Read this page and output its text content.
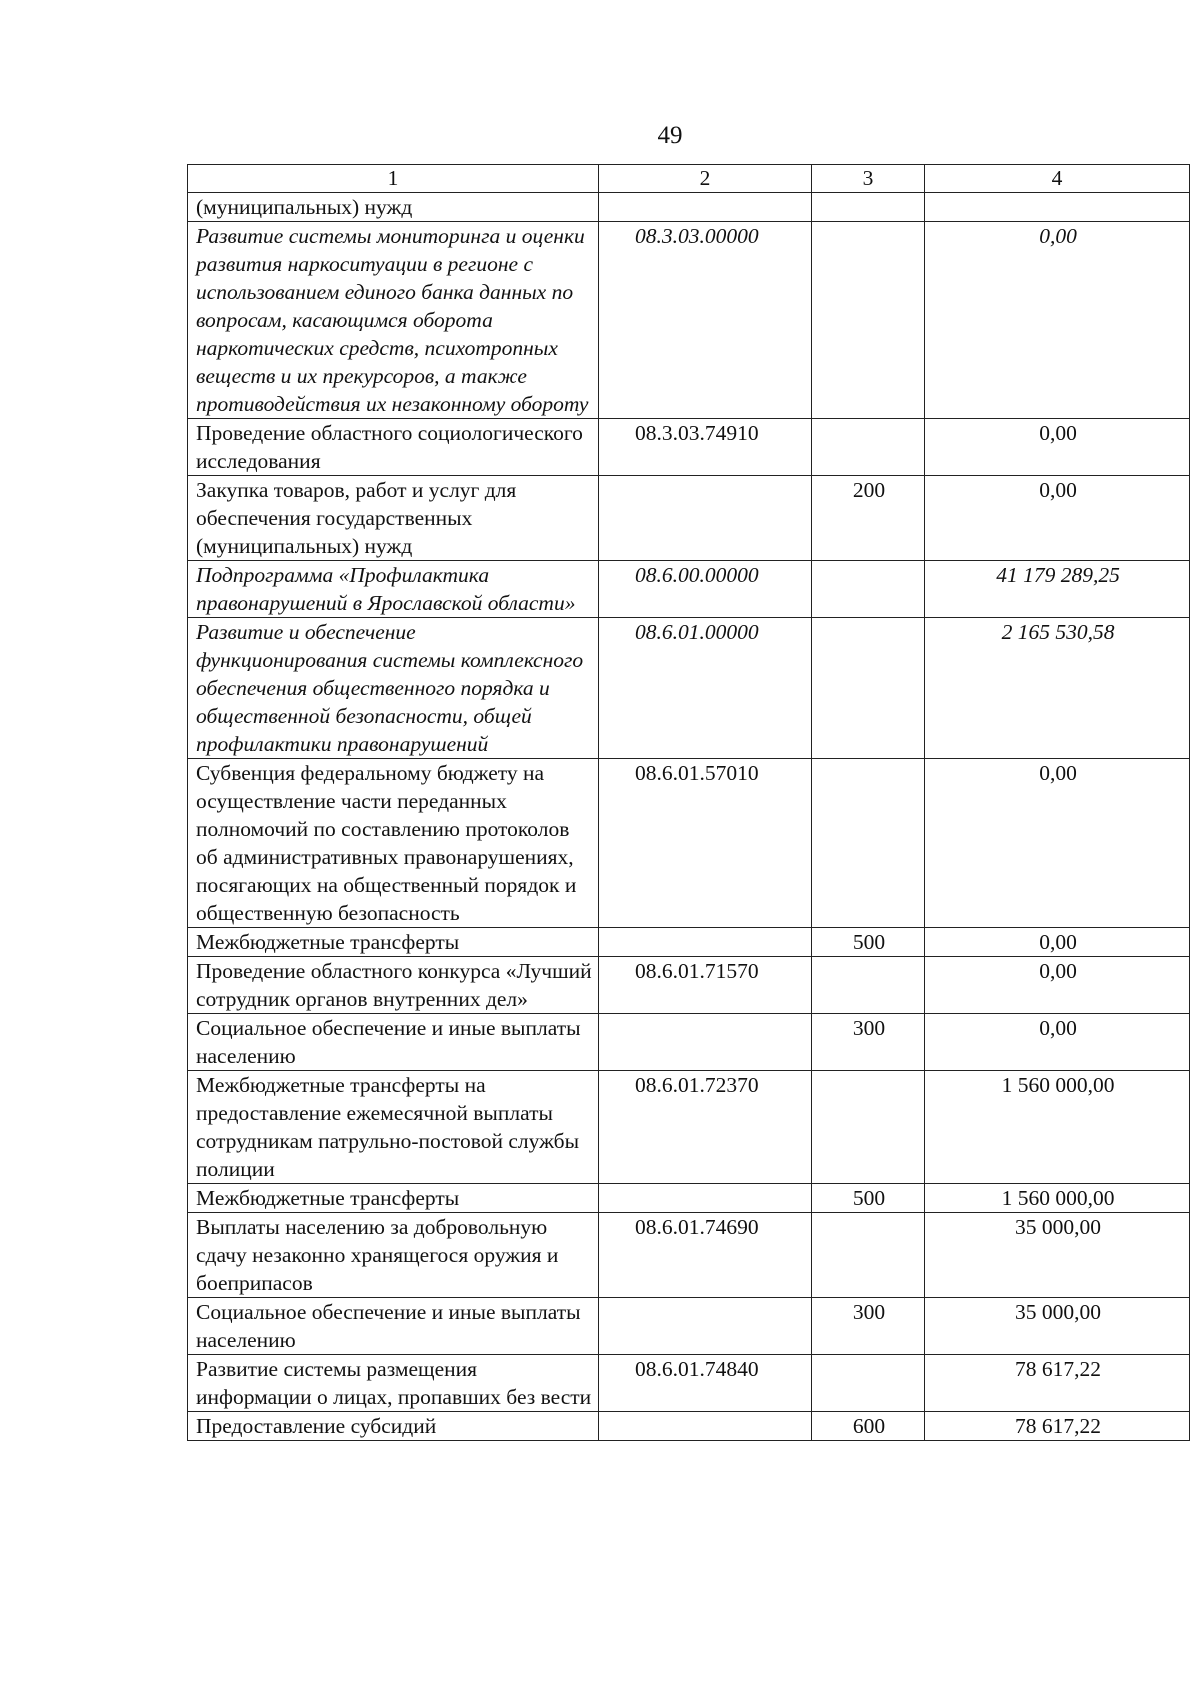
49
1	2	3	4
(муниципальных) нужд			
Развитие системы мониторинга и оценки развития наркоситуации в регионе с использованием единого банка данных по вопросам, касающимся оборота наркотических средств, психотропных веществ и их прекурсоров, а также противодействия их незаконному обороту	08.3.03.00000		0,00
Проведение областного социологического исследования	08.3.03.74910		0,00
Закупка товаров, работ и услуг для обеспечения государственных (муниципальных) нужд		200	0,00
Подпрограмма «Профилактика правонарушений в Ярославской области»	08.6.00.00000		41 179 289,25
Развитие и обеспечение функционирования системы комплексного обеспечения общественного порядка и общественной безопасности, общей профилактики правонарушений	08.6.01.00000		2 165 530,58
Субвенция федеральному бюджету на осуществление части переданных полномочий по составлению протоколов об административных правонарушениях, посягающих на общественный порядок и общественную безопасность	08.6.01.57010		0,00
Межбюджетные трансферты		500	0,00
Проведение областного конкурса «Лучший сотрудник органов внутренних дел»	08.6.01.71570		0,00
Социальное обеспечение и иные выплаты населению		300	0,00
Межбюджетные трансферты на предоставление ежемесячной выплаты сотрудникам патрульно-постовой службы полиции	08.6.01.72370		1 560 000,00
Межбюджетные трансферты		500	1 560 000,00
Выплаты населению за добровольную сдачу незаконно хранящегося оружия и боеприпасов	08.6.01.74690		35 000,00
Социальное обеспечение и иные выплаты населению		300	35 000,00
Развитие системы размещения информации о лицах, пропавших без вести	08.6.01.74840		78 617,22
Предоставление субсидий		600	78 617,22
